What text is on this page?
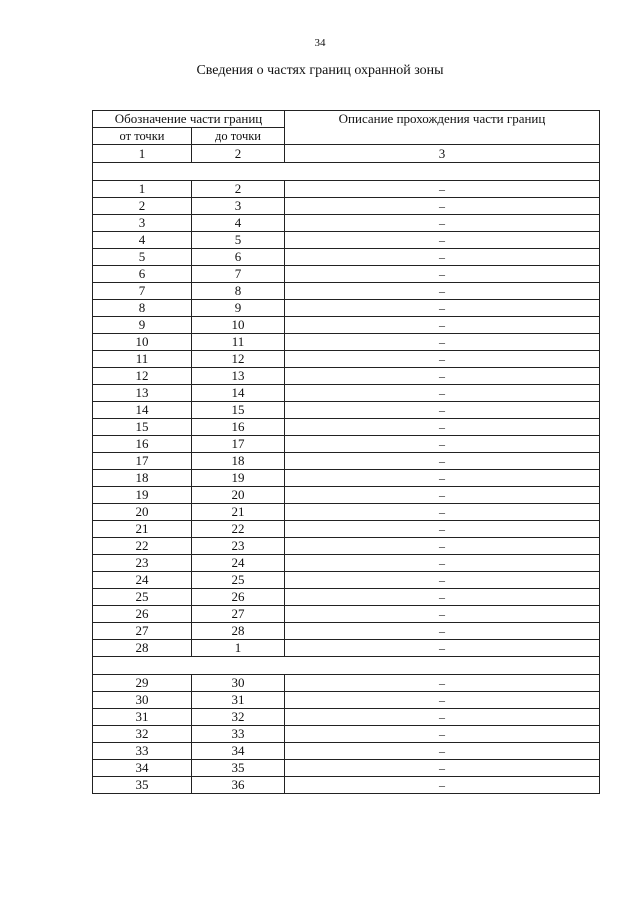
34
Сведения о частях границ охранной зоны
Обозначение части границ		Описание прохождения части границ
от точки	до точки	
1	2	3

1	2	–
2	3	–
3	4	–
4	5	–
5	6	–
6	7	–
7	8	–
8	9	–
9	10	–
10	11	–
11	12	–
12	13	–
13	14	–
14	15	–
15	16	–
16	17	–
17	18	–
18	19	–
19	20	–
20	21	–
21	22	–
22	23	–
23	24	–
24	25	–
25	26	–
26	27	–
27	28	–
28	1	–

29	30	–
30	31	–
31	32	–
32	33	–
33	34	–
34	35	–
35	36	–
